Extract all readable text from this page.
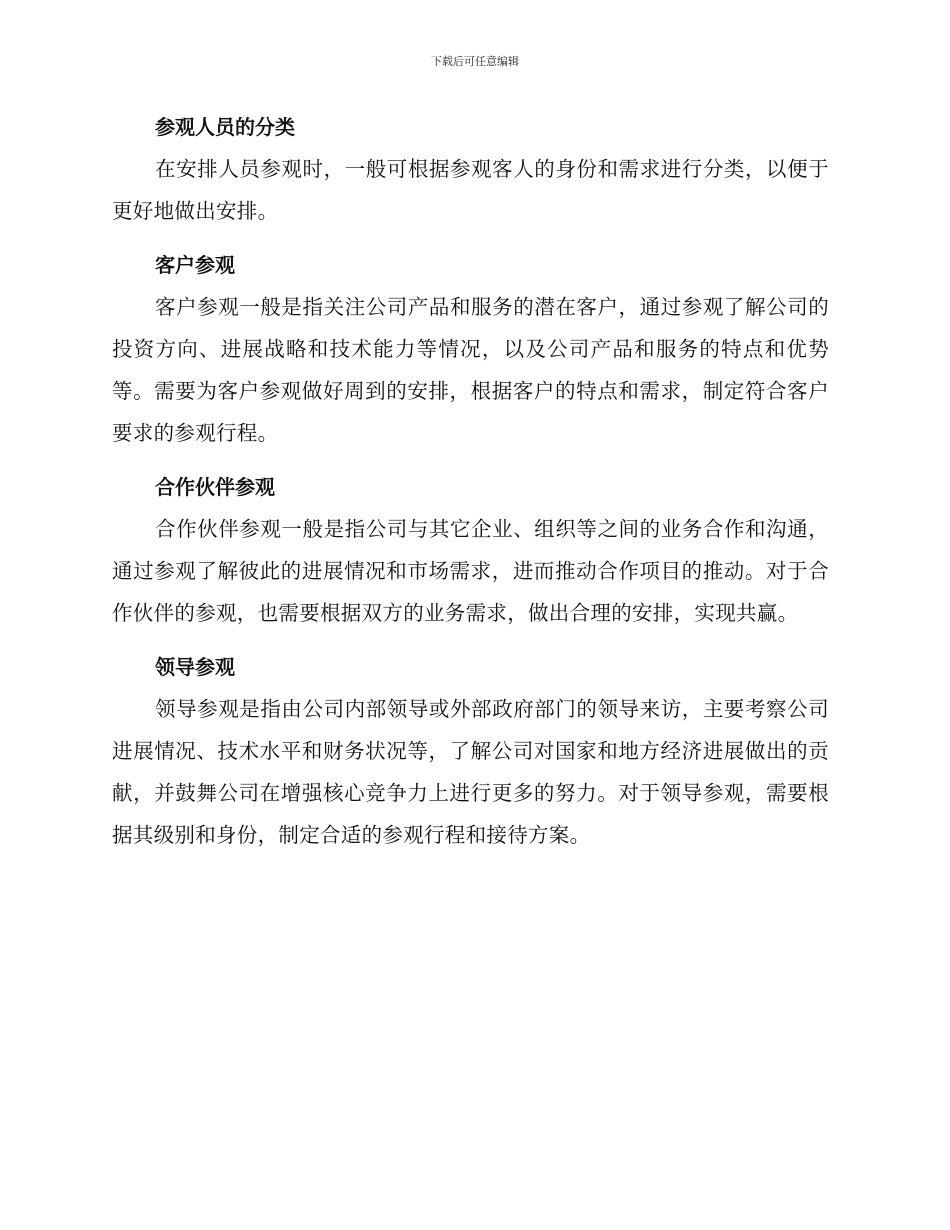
下载后可任意编辑
参观人员的分类

在安排人员参观时，一般可根据参观客人的身份和需求进行分类，以便于更好地做出安排。

客户参观

客户参观一般是指关注公司产品和服务的潜在客户，通过参观了解公司的投资方向、进展战略和技术能力等情况，以及公司产品和服务的特点和优势等。需要为客户参观做好周到的安排，根据客户的特点和需求，制定符合客户要求的参观行程。

合作伙伴参观

合作伙伴参观一般是指公司与其它企业、组织等之间的业务合作和沟通，通过参观了解彼此的进展情况和市场需求，进而推动合作项目的推动。对于合作伙伴的参观，也需要根据双方的业务需求，做出合理的安排，实现共赢。

领导参观

领导参观是指由公司内部领导或外部政府部门的领导来访，主要考察公司进展情况、技术水平和财务状况等，了解公司对国家和地方经济进展做出的贡献，并鼓舞公司在增强核心竞争力上进行更多的努力。对于领导参观，需要根据其级别和身份，制定合适的参观行程和接待方案。
